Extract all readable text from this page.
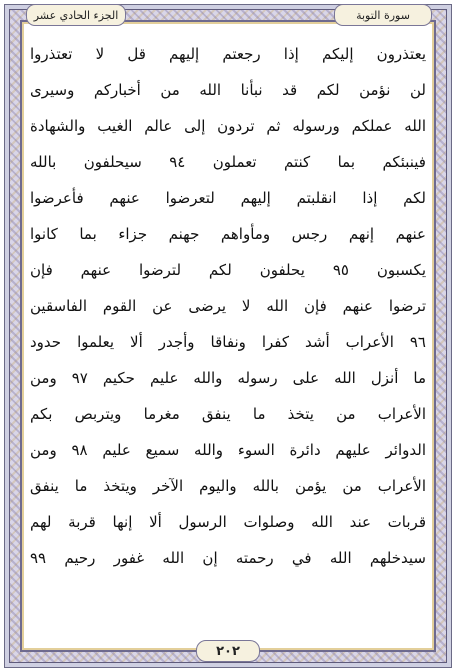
الجزء الحادي عشر	سورة التوبة
يعتذرون إليكم إذا رجعتم إليهم قل لا تعتذروا
لن نؤمن لكم قد نبأنا الله من أخباركم وسيرى
الله عملكم ورسوله ثم تردون إلى عالم الغيب والشهادة
فينبئكم بما كنتم تعملون ٩٤ سيحلفون بالله
لكم إذا انقلبتم إليهم لتعرضوا عنهم فأعرضوا
عنهم إنهم رجس ومأواهم جهنم جزاء بما كانوا
يكسبون ٩٥ يحلفون لكم لترضوا عنهم فإن
ترضوا عنهم فإن الله لا يرضى عن القوم الفاسقين
٩٦ الأعراب أشد كفرا ونفاقا وأجدر ألا يعلموا حدود
ما أنزل الله على رسوله والله عليم حكيم ٩٧ ومن
الأعراب من يتخذ ما ينفق مغرما ويتربص بكم
الدوائر عليهم دائرة السوء والله سميع عليم ٩٨ ومن
الأعراب من يؤمن بالله واليوم الآخر ويتخذ ما ينفق
قربات عند الله وصلوات الرسول ألا إنها قربة لهم
سيدخلهم الله في رحمته إن الله غفور رحيم ٩٩
٢٠٢
